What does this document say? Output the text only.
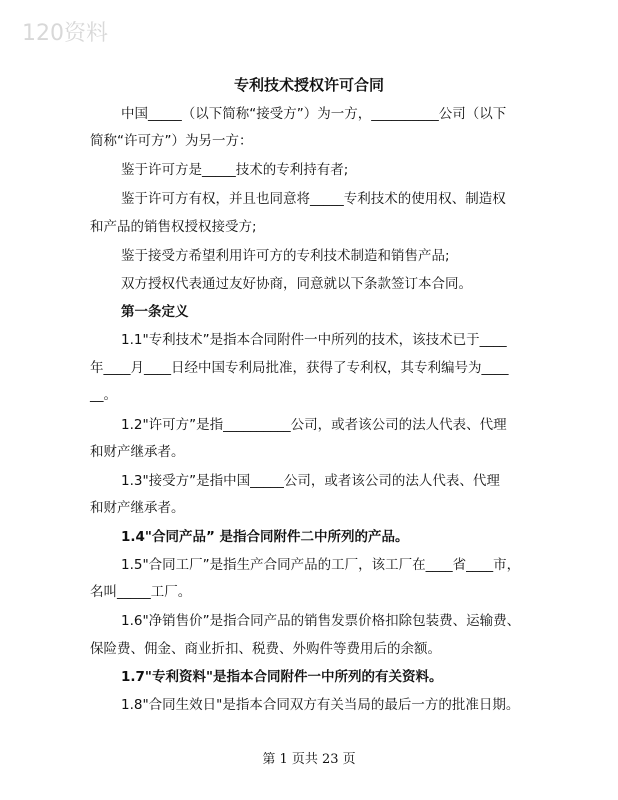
120资料
专利技术授权许可合同
中国_____（以下简称“接受方”）为一方，__________公司（以下
简称“许可方”）为另一方：
鉴于许可方是_____技术的专利持有者;
鉴于许可方有权，并且也同意将_____专利技术的使用权、制造权
和产品的销售权授权接受方;
鉴于接受方希望利用许可方的专利技术制造和销售产品;
双方授权代表通过友好协商，同意就以下条款签订本合同。
第一条定义
1.1"专利技术”是指本合同附件一中所列的技术，该技术已于____
年____月____日经中国专利局批准，获得了专利权，其专利编号为____
__。
1.2"许可方”是指__________公司，或者该公司的法人代表、代理
和财产继承者。
1.3"接受方”是指中国_____公司，或者该公司的法人代表、代理
和财产继承者。
1.4"合同产品” 是指合同附件二中所列的产品。
1.5"合同工厂”是指生产合同产品的工厂，该工厂在____省____市，
名叫_____工厂。
1.6"净销售价”是指合同产品的销售发票价格扣除包装费、运输费、
保险费、佣金、商业折扣、税费、外购件等费用后的余额。
1.7"专利资料"是指本合同附件一中所列的有关资料。
1.8"合同生效日"是指本合同双方有关当局的最后一方的批准日期。
第 1 页共 23 页
